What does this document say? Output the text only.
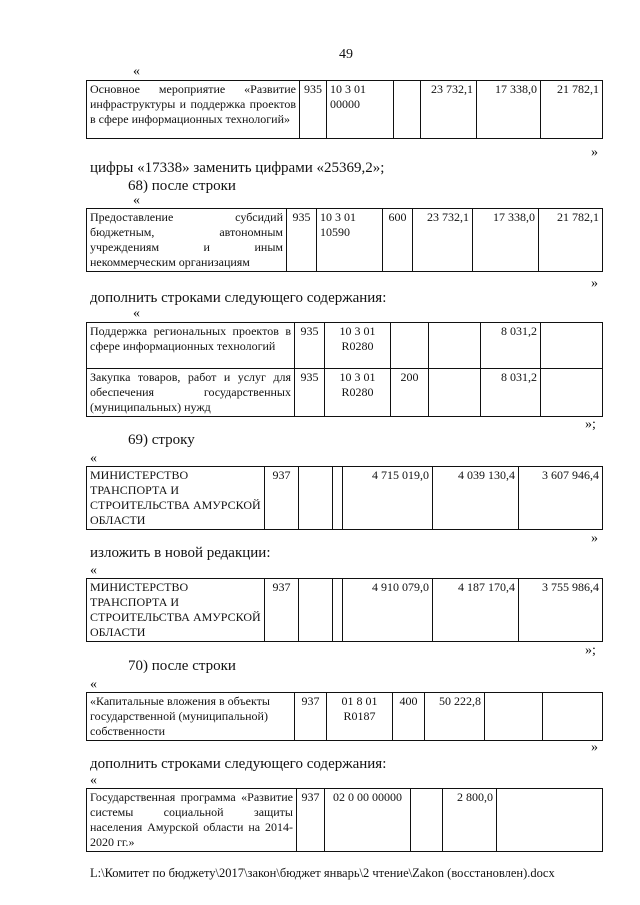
49
«
Основное мероприятие «Развитие инфраструктуры и поддержка проектов в сфере информационных технологий»	935	10 3 01 00000		23 732,1	17 338,0	21 782,1
»
цифры «17338» заменить цифрами «25369,2»;
68) после строки
«
Предоставление субсидий бюджетным, автономным учреждениям и иным некоммерческим организациям	935	10 3 01 10590	600	23 732,1	17 338,0	21 782,1
»
дополнить строками следующего содержания:
«
Поддержка региональных проектов в сфере информационных технологий	935	10 3 01 R0280			8 031,2	
Закупка товаров, работ и услуг для обеспечения государственных (муниципальных) нужд	935	10 3 01 R0280	200		8 031,2	
»;
69) строку
«
МИНИСТЕРСТВО ТРАНСПОРТА И СТРОИТЕЛЬСТВА АМУРСКОЙ ОБЛАСТИ	937			4 715 019,0	4 039 130,4	3 607 946,4
»
изложить в новой редакции:
«
МИНИСТЕРСТВО ТРАНСПОРТА И СТРОИТЕЛЬСТВА АМУРСКОЙ ОБЛАСТИ	937			4 910 079,0	4 187 170,4	3 755 986,4
»;
70) после строки
«
«Капитальные вложения в объекты государственной (муниципальной) собственности	937	01 8 01 R0187	400	50 222,8		
»
дополнить строками следующего содержания:
«
Государственная программа «Развитие системы социальной защиты населения Амурской области на 2014-2020 гг.»	937	02 0 00 00000		2 800,0	
L:\Комитет по бюджету\2017\закон\бюджет январь\2 чтение\Zakon (восстановлен).docx
